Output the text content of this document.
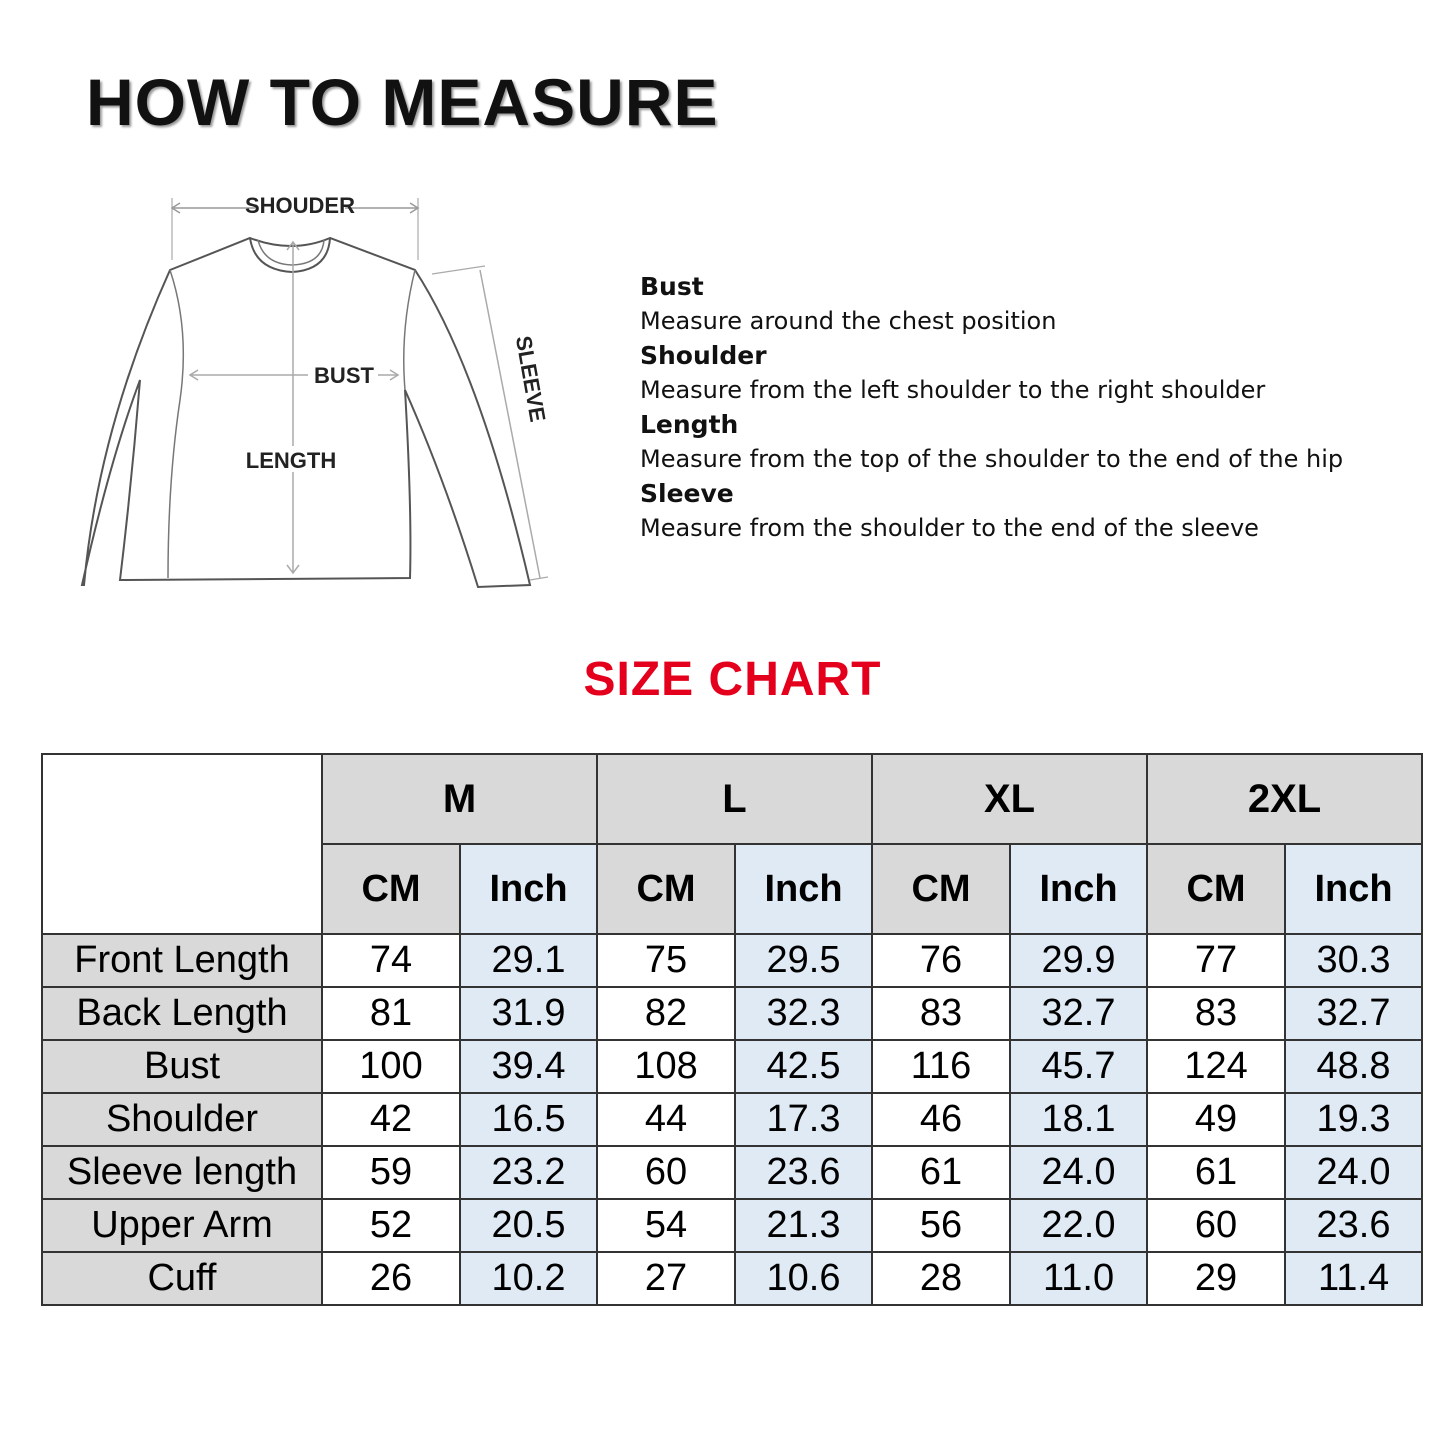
HOW TO MEASURE
SHOUDER
BUST
LENGTH
SLEEVE
Bust
Measure around the chest position
Shoulder
Measure from the left shoulder to the right shoulder
Length
Measure from the top of the shoulder to the end of the hip
Sleeve
Measure from the shoulder to the end of the sleeve
SIZE CHART
	M		L		XL		2XL	
	CM	Inch	CM	Inch	CM	Inch	CM	Inch
Front Length	74	29.1	75	29.5	76	29.9	77	30.3
Back Length	81	31.9	82	32.3	83	32.7	83	32.7
Bust	100	39.4	108	42.5	116	45.7	124	48.8
Shoulder	42	16.5	44	17.3	46	18.1	49	19.3
Sleeve length	59	23.2	60	23.6	61	24.0	61	24.0
Upper Arm	52	20.5	54	21.3	56	22.0	60	23.6
Cuff	26	10.2	27	10.6	28	11.0	29	11.4
